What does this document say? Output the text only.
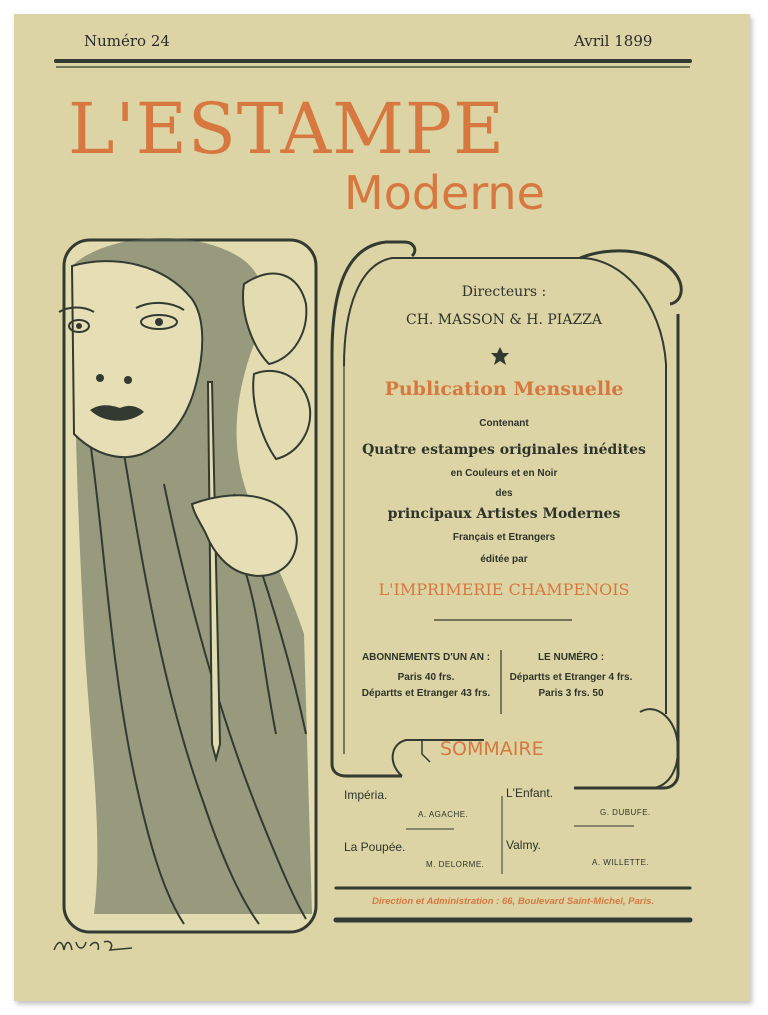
Numéro 24	Avril 1899
L'ESTAMPE
Moderne
Directeurs :
CH. MASSON & H. PIAZZA
Publication Mensuelle
Contenant
Quatre estampes originales inédites
en Couleurs et en Noir
des
principaux Artistes Modernes
Français et Etrangers
éditée par
L'IMPRIMERIE CHAMPENOIS
ABONNEMENTS D'UN AN :
Paris 40 frs.
Départts et Etranger 43 frs.
LE NUMÉRO :
Départts et Etranger 4 frs.
Paris 3 frs. 50
SOMMAIRE
Impéria.
A. AGACHE.
L'Enfant.
G. DUBUFE.
La Poupée.
M. DELORME.
Valmy.
A. WILLETTE.
Direction et Administration : 66, Boulevard Saint-Michel, Paris.
